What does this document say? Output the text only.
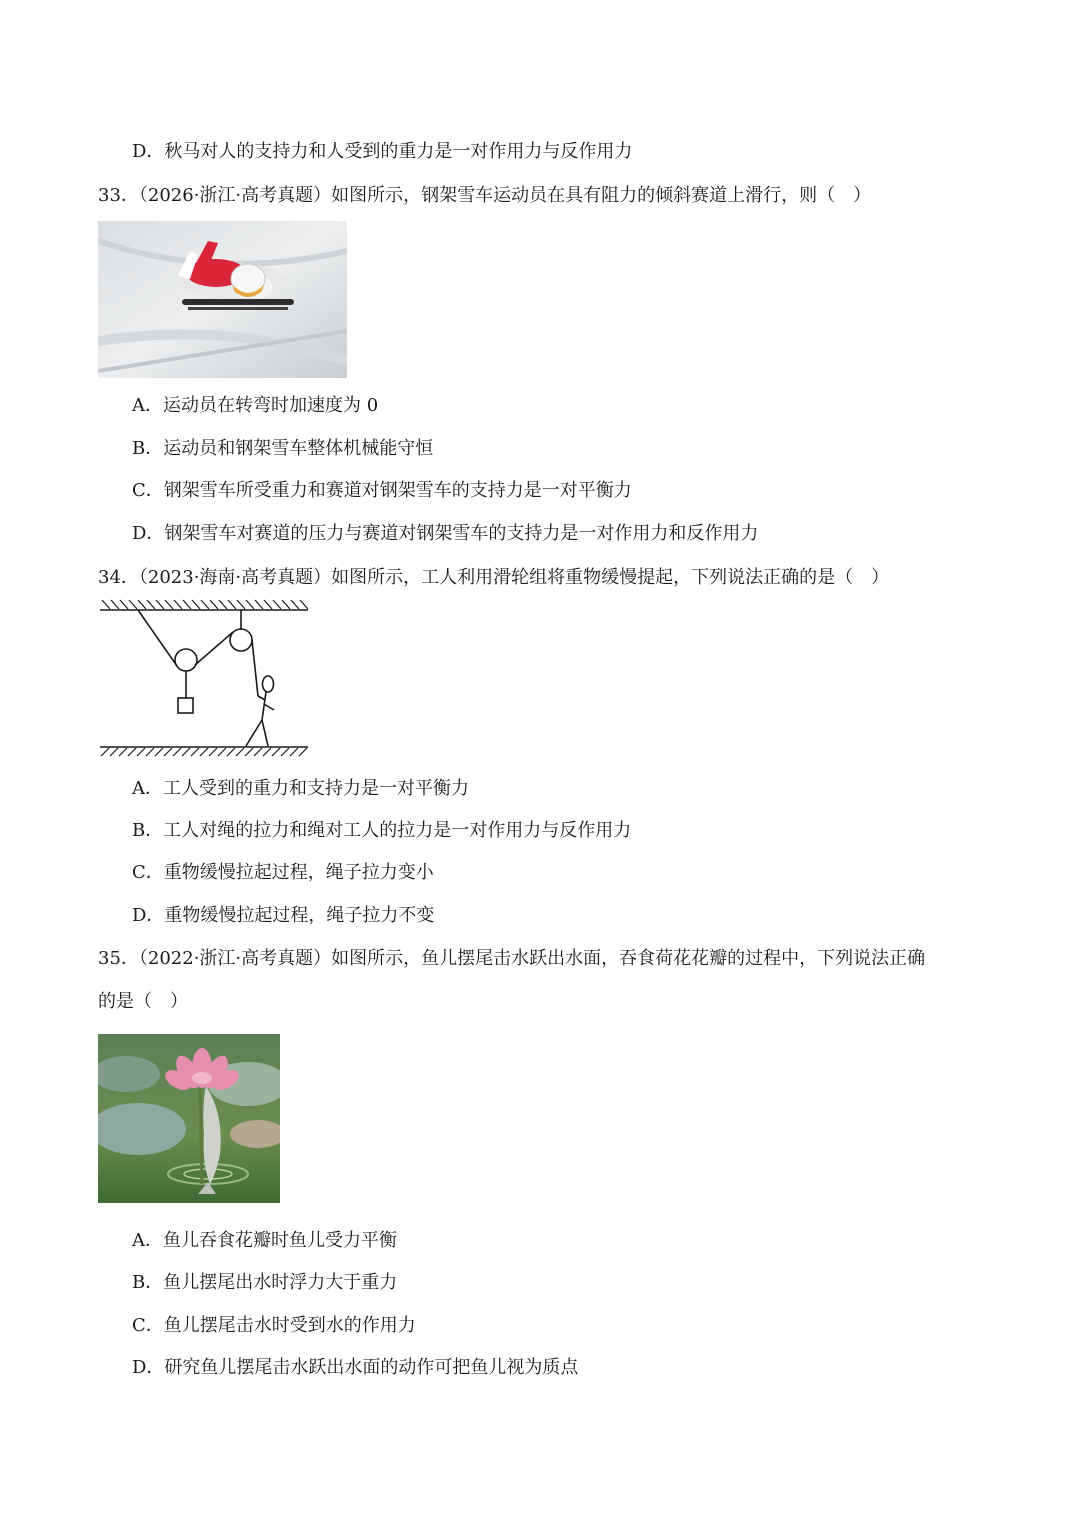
D．秋马对人的支持力和人受到的重力是一对作用力与反作用力
33．（2026·浙江·高考真题）如图所示，钢架雪车运动员在具有阻力的倾斜赛道上滑行，则（　）
A．运动员在转弯时加速度为 0
B．运动员和钢架雪车整体机械能守恒
C．钢架雪车所受重力和赛道对钢架雪车的支持力是一对平衡力
D．钢架雪车对赛道的压力与赛道对钢架雪车的支持力是一对作用力和反作用力
34．（2023·海南·高考真题）如图所示，工人利用滑轮组将重物缓慢提起，下列说法正确的是（　）
A．工人受到的重力和支持力是一对平衡力
B．工人对绳的拉力和绳对工人的拉力是一对作用力与反作用力
C．重物缓慢拉起过程，绳子拉力变小
D．重物缓慢拉起过程，绳子拉力不变
35．（2022·浙江·高考真题）如图所示，鱼儿摆尾击水跃出水面，吞食荷花花瓣的过程中，下列说法正确
的是（　）
A．鱼儿吞食花瓣时鱼儿受力平衡
B．鱼儿摆尾出水时浮力大于重力
C．鱼儿摆尾击水时受到水的作用力
D．研究鱼儿摆尾击水跃出水面的动作可把鱼儿视为质点
